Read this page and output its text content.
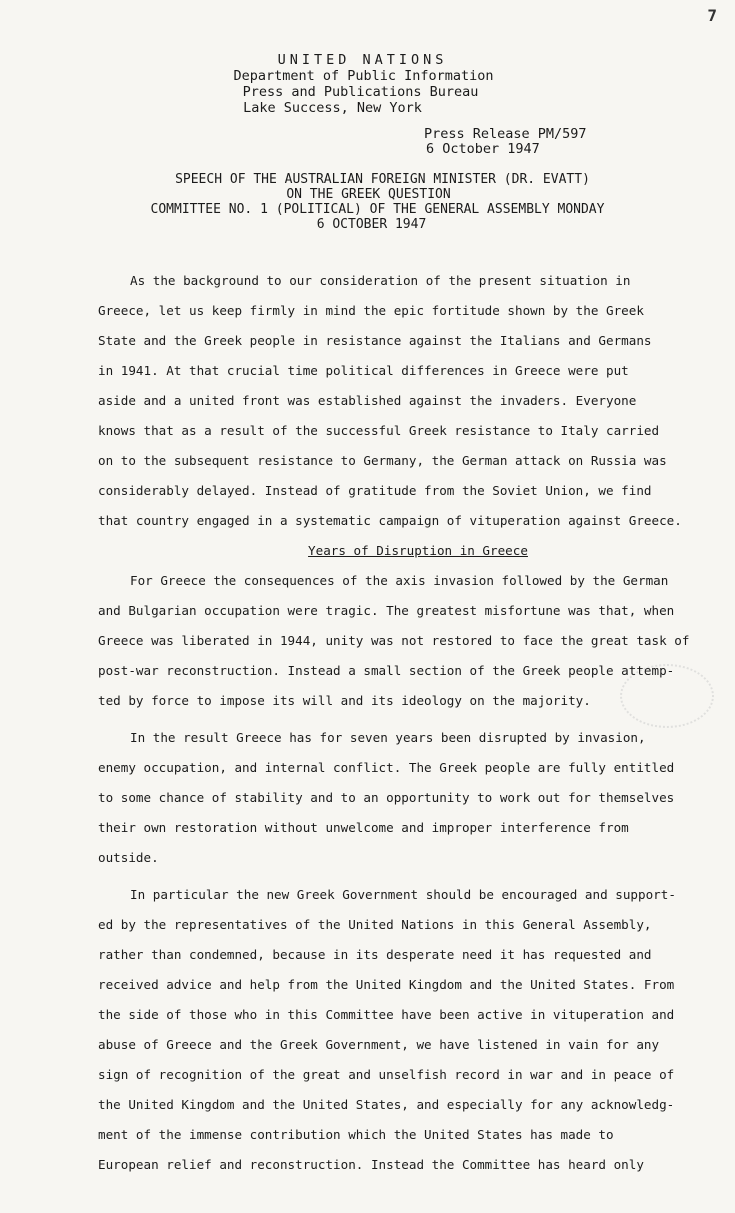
7
UNITED NATIONS
Department of Public Information
Press and Publications Bureau
Lake Success, New York
Press Release PM/597
6 October 1947
SPEECH OF THE AUSTRALIAN FOREIGN MINISTER (DR. EVATT)
ON THE GREEK QUESTION
COMMITTEE NO. 1 (POLITICAL) OF THE GENERAL ASSEMBLY MONDAY
6 OCTOBER 1947
As the background to our consideration of the present situation in
Greece, let us keep firmly in mind the epic fortitude shown by the Greek
State and the Greek people in resistance against the Italians and Germans
in 1941. At that crucial time political differences in Greece were put
aside and a united front was established against the invaders. Everyone
knows that as a result of the successful Greek resistance to Italy carried
on to the subsequent resistance to Germany, the German attack on Russia was
considerably delayed. Instead of gratitude from the Soviet Union, we find
that country engaged in a systematic campaign of vituperation against Greece.
Years of Disruption in Greece
For Greece the consequences of the axis invasion followed by the German
and Bulgarian occupation were tragic. The greatest misfortune was that, when
Greece was liberated in 1944, unity was not restored to face the great task of
post-war reconstruction. Instead a small section of the Greek people attemp-
ted by force to impose its will and its ideology on the majority.
In the result Greece has for seven years been disrupted by invasion,
enemy occupation, and internal conflict. The Greek people are fully entitled
to some chance of stability and to an opportunity to work out for themselves
their own restoration without unwelcome and improper interference from
outside.
In particular the new Greek Government should be encouraged and support-
ed by the representatives of the United Nations in this General Assembly,
rather than condemned, because in its desperate need it has requested and
received advice and help from the United Kingdom and the United States. From
the side of those who in this Committee have been active in vituperation and
abuse of Greece and the Greek Government, we have listened in vain for any
sign of recognition of the great and unselfish record in war and in peace of
the United Kingdom and the United States, and especially for any acknowledg-
ment of the immense contribution which the United States has made to
European relief and reconstruction. Instead the Committee has heard only
